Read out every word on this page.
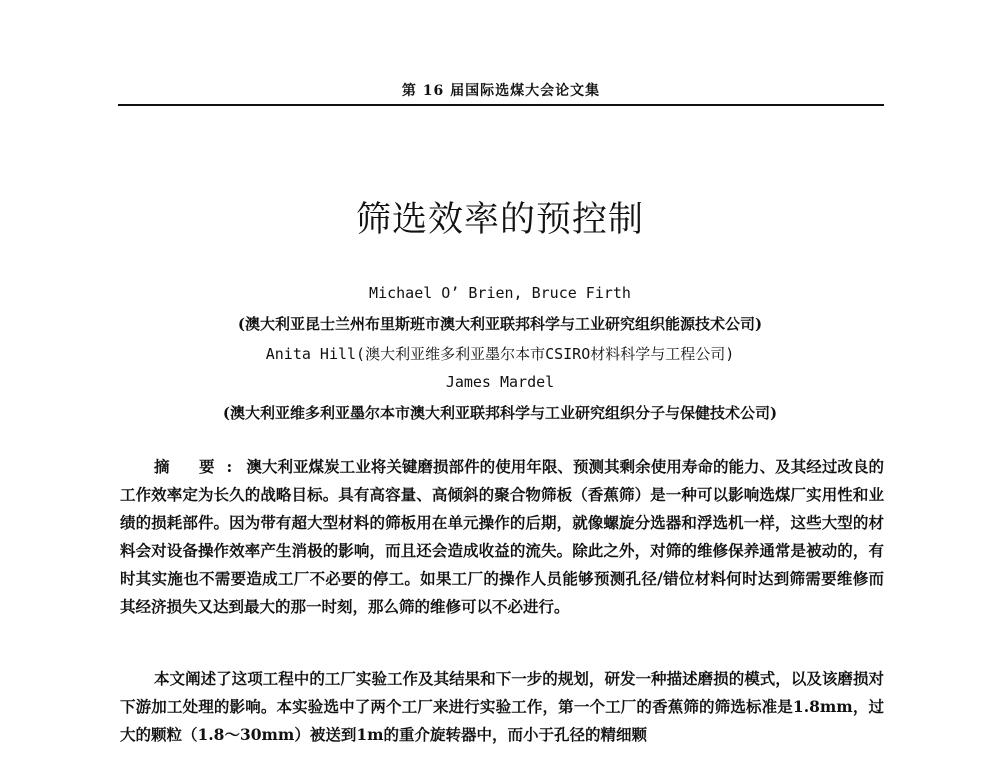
第 16 届国际选煤大会论文集
筛选效率的预控制
Michael O’ Brien, Bruce Firth
(澳大利亚昆士兰州布里斯班市澳大利亚联邦科学与工业研究组织能源技术公司)
Anita Hill(澳大利亚维多利亚墨尔本市CSIRO材料科学与工程公司)
James Mardel
(澳大利亚维多利亚墨尔本市澳大利亚联邦科学与工业研究组织分子与保健技术公司)

摘 要: 澳大利亚煤炭工业将关键磨损部件的使用年限、预测其剩余使用寿命的能力、及其经过改良的工作效率定为长久的战略目标。具有高容量、高倾斜的聚合物筛板（香蕉筛）是一种可以影响选煤厂实用性和业绩的损耗部件。因为带有超大型材料的筛板用在单元操作的后期，就像螺旋分选器和浮选机一样，这些大型的材料会对设备操作效率产生消极的影响，而且还会造成收益的流失。除此之外，对筛的维修保养通常是被动的，有时其实施也不需要造成工厂不必要的停工。如果工厂的操作人员能够预测孔径/错位材料何时达到筛需要维修而其经济损失又达到最大的那一时刻，那么筛的维修可以不必进行。

本文阐述了这项工程中的工厂实验工作及其结果和下一步的规划，研发一种描述磨损的模式，以及该磨损对下游加工处理的影响。本实验选中了两个工厂来进行实验工作，第一个工厂的香蕉筛的筛选标准是1.8mm，过大的颗粒（1.8～30mm）被送到1m的重介旋转器中，而小于孔径的精细颗
